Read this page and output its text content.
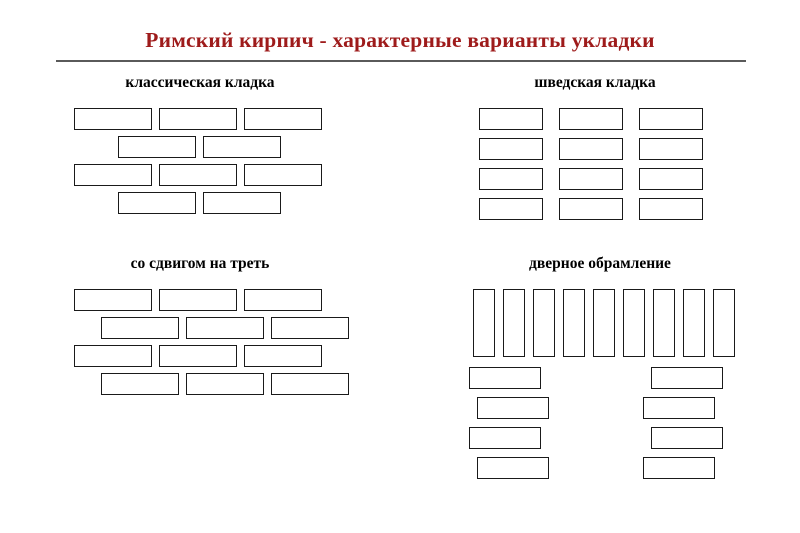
Римский кирпич - характерные варианты укладки
классическая кладка	шведская кладка
со сдвигом на треть	дверное обрамление
